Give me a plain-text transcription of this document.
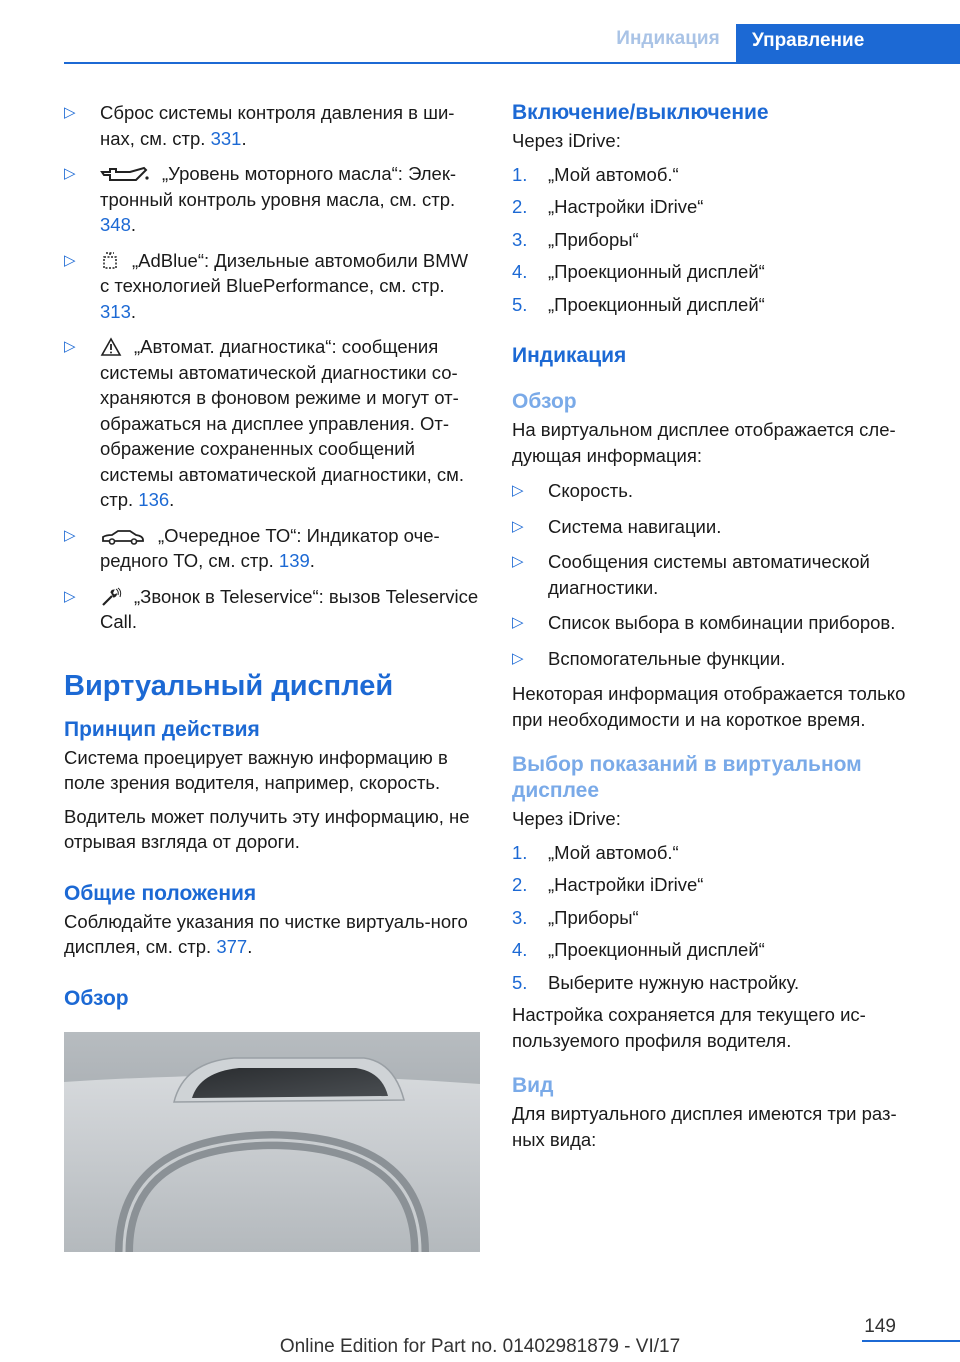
Индикация	Управление
▷ Сброс системы контроля давления в ши-нах, см. стр. 331.
▷	„Уровень моторного масла“: Элек-тронный контроль уровня масла, см. стр. 348.
▷	„AdBlue“: Дизельные автомобили BMW с технологией BluePerformance, см. стр. 313.
▷	„Автомат. диагностика“: сообщения системы автоматической диагностики со-храняются в фоновом режиме и могут от-ображаться на дисплее управления. От-ображение сохраненных сообщений системы автоматической диагностики, см. стр. 136.
▷	„Очередное ТО“: Индикатор оче-редного ТО, см. стр. 139.
▷	„Звонок в Teleservice“: вызов Teleservice Call.
Виртуальный дисплей
Принцип действия

Система проецирует важную информацию в поле зрения водителя, например, скорость.

Водитель может получить эту информацию, не отрывая взгляда от дороги.

Общие положения

Соблюдайте указания по чистке виртуаль-ного дисплея, см. стр. 377.

Обзор
Включение/выключение

Через iDrive:

1. „Мой автомоб.“
2. „Настройки iDrive“
3. „Приборы“
4. „Проекционный дисплей“
5. „Проекционный дисплей“
Индикация
Обзор

На виртуальном дисплее отображается сле-дующая информация:

▷ Скорость.
▷ Система навигации.
▷ Сообщения системы автоматической диагностики.
▷ Список выбора в комбинации приборов.
▷ Вспомогательные функции.

Некоторая информация отображается только при необходимости и на короткое время.

Выбор показаний в виртуальном дисплее

Через iDrive:

1. „Мой автомоб.“
2. „Настройки iDrive“
3. „Приборы“
4. „Проекционный дисплей“
5. Выберите нужную настройку.

Настройка сохраняется для текущего ис-пользуемого профиля водителя.

Вид

Для виртуального дисплея имеются три раз-ных вида:

149
Online Edition for Part no. 01402981879 - VI/17
